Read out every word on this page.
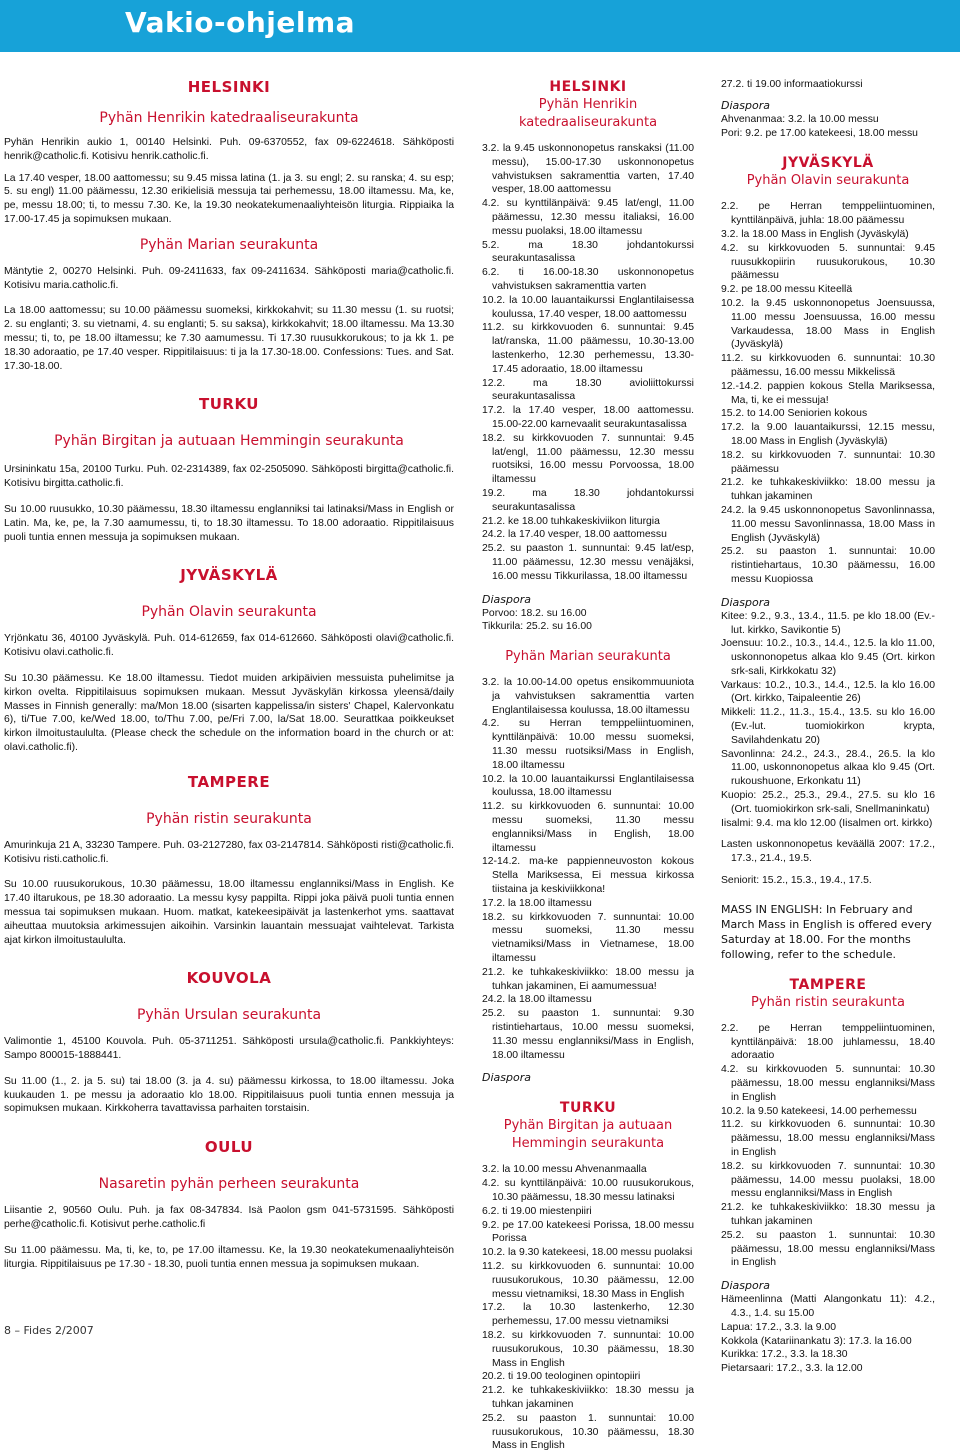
Vakio-ohjelma
HELSINKI
Pyhän Henrikin katedraaliseurakunta
Pyhän Henrikin aukio 1, 00140 Helsinki. Puh. 09-6370552, fax 09-6224618. Sähköposti henrik@catholic.fi. Kotisivu henrik.catholic.fi.
La 17.40 vesper, 18.00 aattomessu; su 9.45 missa latina (1. ja 3. su engl; 2. su ranska; 4. su esp; 5. su engl) 11.00 päämessu, 12.30 erikielisiä messuja tai perhemessu, 18.00 iltamessu. Ma, ke, pe, messu 18.00; ti, to messu 7.30. Ke, la 19.30 neokatekumenaaliyhteisön liturgia. Rippiaika la 17.00-17.45 ja sopimuksen mukaan.
Pyhän Marian seurakunta
Mäntytie 2, 00270 Helsinki. Puh. 09-2411633, fax 09-2411634. Sähköposti maria@catholic.fi. Kotisivu maria.catholic.fi.
La 18.00 aattomessu; su 10.00 päämessu suomeksi, kirkkokahvit; su 11.30 messu (1. su ruotsi; 2. su englanti; 3. su vietnami, 4. su englanti; 5. su saksa), kirkkokahvit; 18.00 iltamessu. Ma 13.30 messu; ti, to, pe 18.00 iltamessu; ke 7.30 aamumessu. Ti 17.30 ruusukkorukous; to ja kk 1. pe 18.30 adoraatio, pe 17.40 vesper. Rippitilaisuus: ti ja la 17.30-18.00. Confessions: Tues. and Sat. 17.30-18.00.
TURKU
Pyhän Birgitan ja autuaan Hemmingin seurakunta
Ursininkatu 15a, 20100 Turku. Puh. 02-2314389, fax 02-2505090. Sähköposti birgitta@catholic.fi. Kotisivu birgitta.catholic.fi.
Su 10.00 ruusukko, 10.30 päämessu, 18.30 iltamessu englanniksi tai latinaksi/Mass in English or Latin. Ma, ke, pe, la 7.30 aamumessu, ti, to 18.30 iltamessu. To 18.00 adoraatio. Rippitilaisuus puoli tuntia ennen messuja ja sopimuksen mukaan.
JYVÄSKYLÄ
Pyhän Olavin seurakunta
Yrjönkatu 36, 40100 Jyväskylä. Puh. 014-612659, fax 014-612660. Sähköposti olavi@catholic.fi. Kotisivu olavi.catholic.fi.
Su 10.30 päämessu. Ke 18.00 iltamessu. Tiedot muiden arkipäivien messuista puhelimitse ja kirkon ovelta. Rippitilaisuus sopimuksen mukaan. Messut Jyväskylän kirkossa yleensä/daily Masses in Finnish generally: ma/Mon 18.00 (sisarten kappelissa/in sisters' Chapel, Kalervonkatu 6), ti/Tue 7.00, ke/Wed 18.00, to/Thu 7.00, pe/Fri 7.00, la/Sat 18.00. Seurattkaa poikkeukset kirkon ilmoitustaululta. (Please check the schedule on the information board in the church or at: olavi.catholic.fi).
TAMPERE
Pyhän ristin seurakunta
Amurinkuja 21 A, 33230 Tampere. Puh. 03-2127280, fax 03-2147814. Sähköposti risti@catholic.fi. Kotisivu risti.catholic.fi.
Su 10.00 ruusukorukous, 10.30 päämessu, 18.00 iltamessu englanniksi/Mass in English. Ke 17.40 iltarukous, pe 18.30 adoraatio. La messu kysy pappilta. Rippi joka päivä puoli tuntia ennen messua tai sopimuksen mukaan. Huom. matkat, katekeesipäivät ja lastenkerhot yms. saattavat aiheuttaa muutoksia arkimessujen aikoihin. Varsinkin lauantain messuajat vaihtelevat. Tarkista ajat kirkon ilmoitustaululta.
KOUVOLA
Pyhän Ursulan seurakunta
Valimontie 1, 45100 Kouvola. Puh. 05-3711251. Sähköposti ursula@catholic.fi. Pankkiyhteys: Sampo 800015-1888441.
Su 11.00 (1., 2. ja 5. su) tai 18.00 (3. ja 4. su) päämessu kirkossa, to 18.00 iltamessu. Joka kuukauden 1. pe messu ja adoraatio klo 18.00. Rippitilaisuus puoli tuntia ennen messuja ja sopimuksen mukaan. Kirkkoherra tavattavissa parhaiten torstaisin.
OULU
Nasaretin pyhän perheen seurakunta
Liisantie 2, 90560 Oulu. Puh. ja fax 08-347834. Isä Paolon gsm 041-5731595. Sähköposti perhe@catholic.fi. Kotisivut perhe.catholic.fi
Su 11.00 päämessu. Ma, ti, ke, to, pe 17.00 iltamessu. Ke, la 19.30 neokatekumenaaliyhteisön liturgia. Rippitilaisuus pe 17.30 - 18.30, puoli tuntia ennen messua ja sopimuksen mukaan.
HELSINKI
Pyhän Henrikin katedraaliseurakunta
3.2. la 9.45 uskonnonopetus ranskaksi (11.00 messu), 15.00-17.30 uskonnonopetus vahvistuksen sakramenttia varten, 17.40 vesper, 18.00 aattomessu
4.2. su kynttilänpäivä: 9.45 lat/engl, 11.00 päämessu, 12.30 messu italiaksi, 16.00 messu puolaksi, 18.00 iltamessu
5.2. ma 18.30 johdantokurssi seurakuntasalissa
6.2. ti 16.00-18.30 uskonnonopetus vahvistuksen sakramenttia varten
10.2. la 10.00 lauantaikurssi Englantilaisessa koulussa, 17.40 vesper, 18.00 aattomessu
11.2. su kirkkovuoden 6. sunnuntai: 9.45 lat/ranska, 11.00 päämessu, 10.30-13.00 lastenkerho, 12.30 perhemessu, 13.30-17.45 adoraatio, 18.00 iltamessu
12.2. ma 18.30 avioliittokurssi seurakuntasalissa
17.2. la 17.40 vesper, 18.00 aattomessu. 15.00-22.00 karnevaalit seurakuntasalissa
18.2. su kirkkovuoden 7. sunnuntai: 9.45 lat/engl, 11.00 päämessu, 12.30 messu ruotsiksi, 16.00 messu Porvoossa, 18.00 iltamessu
19.2. ma 18.30 johdantokurssi seurakuntasalissa
21.2. ke 18.00 tuhkakeskiviikon liturgia
24.2. la 17.40 vesper, 18.00 aattomessu
25.2. su paaston 1. sunnuntai: 9.45 lat/esp, 11.00 päämessu, 12.30 messu venäjäksi, 16.00 messu Tikkurilassa, 18.00 iltamessu
Diaspora
Porvoo: 18.2. su 16.00
Tikkurila: 25.2. su 16.00
Pyhän Marian seurakunta
3.2. la 10.00-14.00 opetus ensikommuuniota ja vahvistuksen sakramenttia varten Englantilaisessa koulussa, 18.00 iltamessu
4.2. su Herran temppeliintuominen, kynttilänpäivä: 10.00 messu suomeksi, 11.30 messu ruotsiksi/Mass in English, 18.00 iltamessu
10.2. la 10.00 lauantaikurssi Englantilaisessa koulussa, 18.00 iltamessu
11.2. su kirkkovuoden 6. sunnuntai: 10.00 messu suomeksi, 11.30 messu englanniksi/Mass in English, 18.00 iltamessu
12-14.2. ma-ke pappienneuvoston kokous Stella Mariksessa, Ei messua kirkossa tiistaina ja keskiviikkona!
17.2. la 18.00 iltamessu
18.2. su kirkkovuoden 7. sunnuntai: 10.00 messu suomeksi, 11.30 messu vietnamiksi/Mass in Vietnamese, 18.00 iltamessu
21.2. ke tuhkakeskiviikko: 18.00 messu ja tuhkan jakaminen, Ei aamumessua!
24.2. la 18.00 iltamessu
25.2. su paaston 1. sunnuntai: 9.30 ristintiehartaus, 10.00 messu suomeksi, 11.30 messu englanniksi/Mass in English, 18.00 iltamessu
Diaspora
TURKU
Pyhän Birgitan ja autuaan Hemmingin seurakunta
3.2. la 10.00 messu Ahvenanmaalla
4.2. su kynttilänpäivä: 10.00 ruusukorukous, 10.30 päämessu, 18.30 messu latinaksi
6.2. ti 19.00 miestenpiiri
9.2. pe 17.00 katekeesi Porissa, 18.00 messu Porissa
10.2. la 9.30 katekeesi, 18.00 messu puolaksi
11.2. su kirkkovuoden 6. sunnuntai: 10.00 ruusukorukous, 10.30 päämessu, 12.00 messu vietnamiksi, 18.30 Mass in English
17.2. la 10.30 lastenkerho, 12.30 perhemessu, 17.00 messu vietnamiksi
18.2. su kirkkovuoden 7. sunnuntai: 10.00 ruusukorukous, 10.30 päämessu, 18.30 Mass in English
20.2. ti 19.00 teologinen opintopiiri
21.2. ke tuhkakeskiviikko: 18.30 messu ja tuhkan jakaminen
25.2. su paaston 1. sunnuntai: 10.00 ruusukorukous, 10.30 päämessu, 18.30 Mass in English
27.2. ti 19.00 informaatiokurssi
Diaspora
Ahvenanmaa: 3.2. la 10.00 messu
Pori: 9.2. pe 17.00 katekeesi, 18.00 messu
JYVÄSKYLÄ
Pyhän Olavin seurakunta
2.2. pe Herran temppeliintuominen, kynttilänpäivä, juhla: 18.00 päämessu
3.2. la 18.00 Mass in English (Jyväskylä)
4.2. su kirkkovuoden 5. sunnuntai: 9.45 ruusukkopiirin ruusukorukous, 10.30 päämessu
9.2. pe 18.00 messu Kiteellä
10.2. la 9.45 uskonnonopetus Joensuussa, 11.00 messu Joensuussa, 16.00 messu Varkaudessa, 18.00 Mass in English (Jyväskylä)
11.2. su kirkkovuoden 6. sunnuntai: 10.30 päämessu, 16.00 messu Mikkelissä
12.-14.2. pappien kokous Stella Mariksessa, Ma, ti, ke ei messuja!
15.2. to 14.00 Seniorien kokous
17.2. la 9.00 lauantaikurssi, 12.15 messu, 18.00 Mass in English (Jyväskylä)
18.2. su kirkkovuoden 7. sunnuntai: 10.30 päämessu
21.2. ke tuhkakeskiviikko: 18.00 messu ja tuhkan jakaminen
24.2. la 9.45 uskonnonopetus Savonlinnassa, 11.00 messu Savonlinnassa, 18.00 Mass in English (Jyväskylä)
25.2. su paaston 1. sunnuntai: 10.00 ristintiehartaus, 10.30 päämessu, 16.00 messu Kuopiossa
Diaspora
Kitee: 9.2., 9.3., 13.4., 11.5. pe klo 18.00 (Ev.-lut. kirkko, Savikontie 5)
Joensuu: 10.2., 10.3., 14.4., 12.5. la klo 11.00, uskonnonopetus alkaa klo 9.45 (Ort. kirkon srk-sali, Kirkkokatu 32)
Varkaus: 10.2., 10.3., 14.4., 12.5. la klo 16.00 (Ort. kirkko, Taipaleentie 26)
Mikkeli: 11.2., 11.3., 15.4., 13.5. su klo 16.00 (Ev.-lut. tuomiokirkon krypta, Savilahdenkatu 20)
Savonlinna: 24.2., 24.3., 28.4., 26.5. la klo 11.00, uskonnonopetus alkaa klo 9.45 (Ort. rukoushuone, Erkonkatu 11)
Kuopio: 25.2., 25.3., 29.4., 27.5. su klo 16 (Ort. tuomiokirkon srk-sali, Snellmaninkatu)
Iisalmi: 9.4. ma klo 12.00 (Iisalmen ort. kirkko)
Lasten uskonnonopetus keväällä 2007: 17.2., 17.3., 21.4., 19.5.
Seniorit: 15.2., 15.3., 19.4., 17.5.
MASS IN ENGLISH: In February and March Mass in English is offered every Saturday at 18.00. For the months following, refer to the schedule.
TAMPERE
Pyhän ristin seurakunta
2.2. pe Herran temppeliintuominen, kynttilänpäivä: 18.00 juhlamessu, 18.40 adoraatio
4.2. su kirkkovuoden 5. sunnuntai: 10.30 päämessu, 18.00 messu englanniksi/Mass in English
10.2. la 9.50 katekeesi, 14.00 perhemessu
11.2. su kirkkovuoden 6. sunnuntai: 10.30 päämessu, 18.00 messu englanniksi/Mass in English
18.2. su kirkkovuoden 7. sunnuntai: 10.30 päämessu, 14.00 messu puolaksi, 18.00 messu englanniksi/Mass in English
21.2. ke tuhkakeskiviikko: 18.30 messu ja tuhkan jakaminen
25.2. su paaston 1. sunnuntai: 10.30 päämessu, 18.00 messu englanniksi/Mass in English
Diaspora
Hämeenlinna (Matti Alangonkatu 11): 4.2., 4.3., 1.4. su 15.00
Lapua: 17.2., 3.3. la 9.00
Kokkola (Katariinankatu 3): 17.3. la 16.00
Kurikka: 17.2., 3.3. la 18.30
Pietarsaari: 17.2., 3.3. la 12.00
8 – Fides 2/2007
